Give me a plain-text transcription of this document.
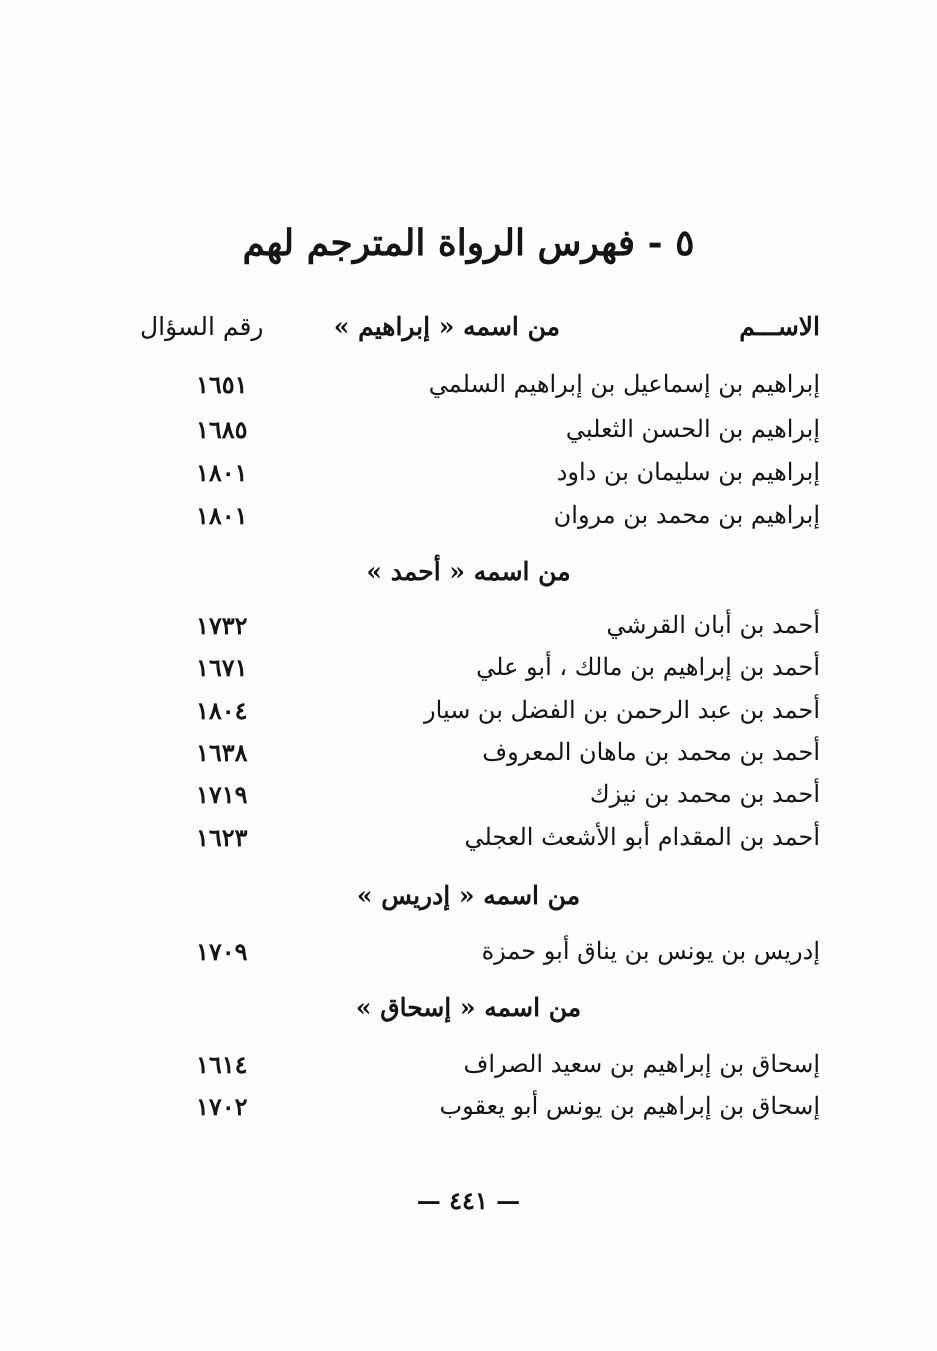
٥ - فهرس الرواة المترجم لهم
الاســـم
من اسمه « إبراهيم »
رقم السؤال
إبراهيم بن إسماعيل بن إبراهيم السلمي
١٦٥١
إبراهيم بن الحسن الثعلبي
١٦٨٥
إبراهيم بن سليمان بن داود
١٨٠١
إبراهيم بن محمد بن مروان
١٨٠١
من اسمه « أحمد »
أحمد بن أبان القرشي
١٧٣٢
أحمد بن إبراهيم بن مالك ، أبو علي
١٦٧١
أحمد بن عبد الرحمن بن الفضل بن سيار
١٨٠٤
أحمد بن محمد بن ماهان المعروف
١٦٣٨
أحمد بن محمد بن نيزك
١٧١٩
أحمد بن المقدام أبو الأشعث العجلي
١٦٢٣
من اسمه « إدريس »
إدريس بن يونس بن يناق أبو حمزة
١٧٠٩
من اسمه « إسحاق »
إسحاق بن إبراهيم بن سعيد الصراف
١٦١٤
إسحاق بن إبراهيم بن يونس أبو يعقوب
١٧٠٢
— ٤٤١ —
